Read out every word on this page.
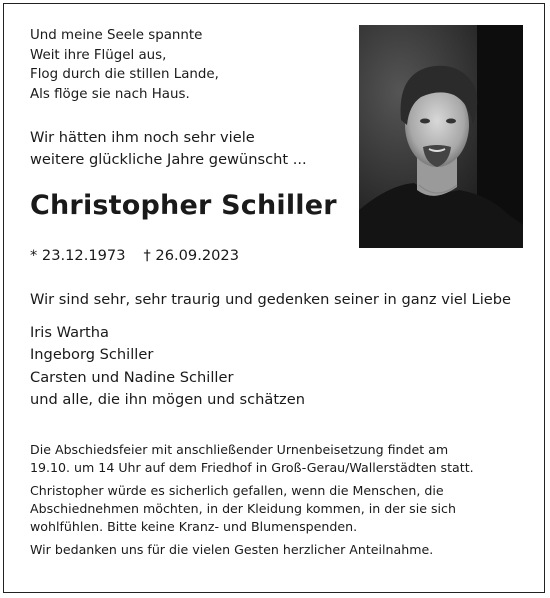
Und meine Seele spannte
Weit ihre Flügel aus,
Flog durch die stillen Lande,
Als flöge sie nach Haus.
Wir hätten ihm noch sehr viele
weitere glückliche Jahre gewünscht ...
Christopher Schiller
* 23.12.1973 † 26.09.2023
Wir sind sehr, sehr traurig und gedenken seiner in ganz viel Liebe
Iris Wartha
Ingeborg Schiller
Carsten und Nadine Schiller
und alle, die ihn mögen und schätzen

Die Abschiedsfeier mit anschließender Urnenbeisetzung findet am
19.10. um 14 Uhr auf dem Friedhof in Groß-Gerau/Wallerstädten statt.

Christopher würde es sicherlich gefallen, wenn die Menschen, die
Abschiednehmen möchten, in der Kleidung kommen, in der sie sich
wohlfühlen. Bitte keine Kranz- und Blumenspenden.

Wir bedanken uns für die vielen Gesten herzlicher Anteilnahme.
